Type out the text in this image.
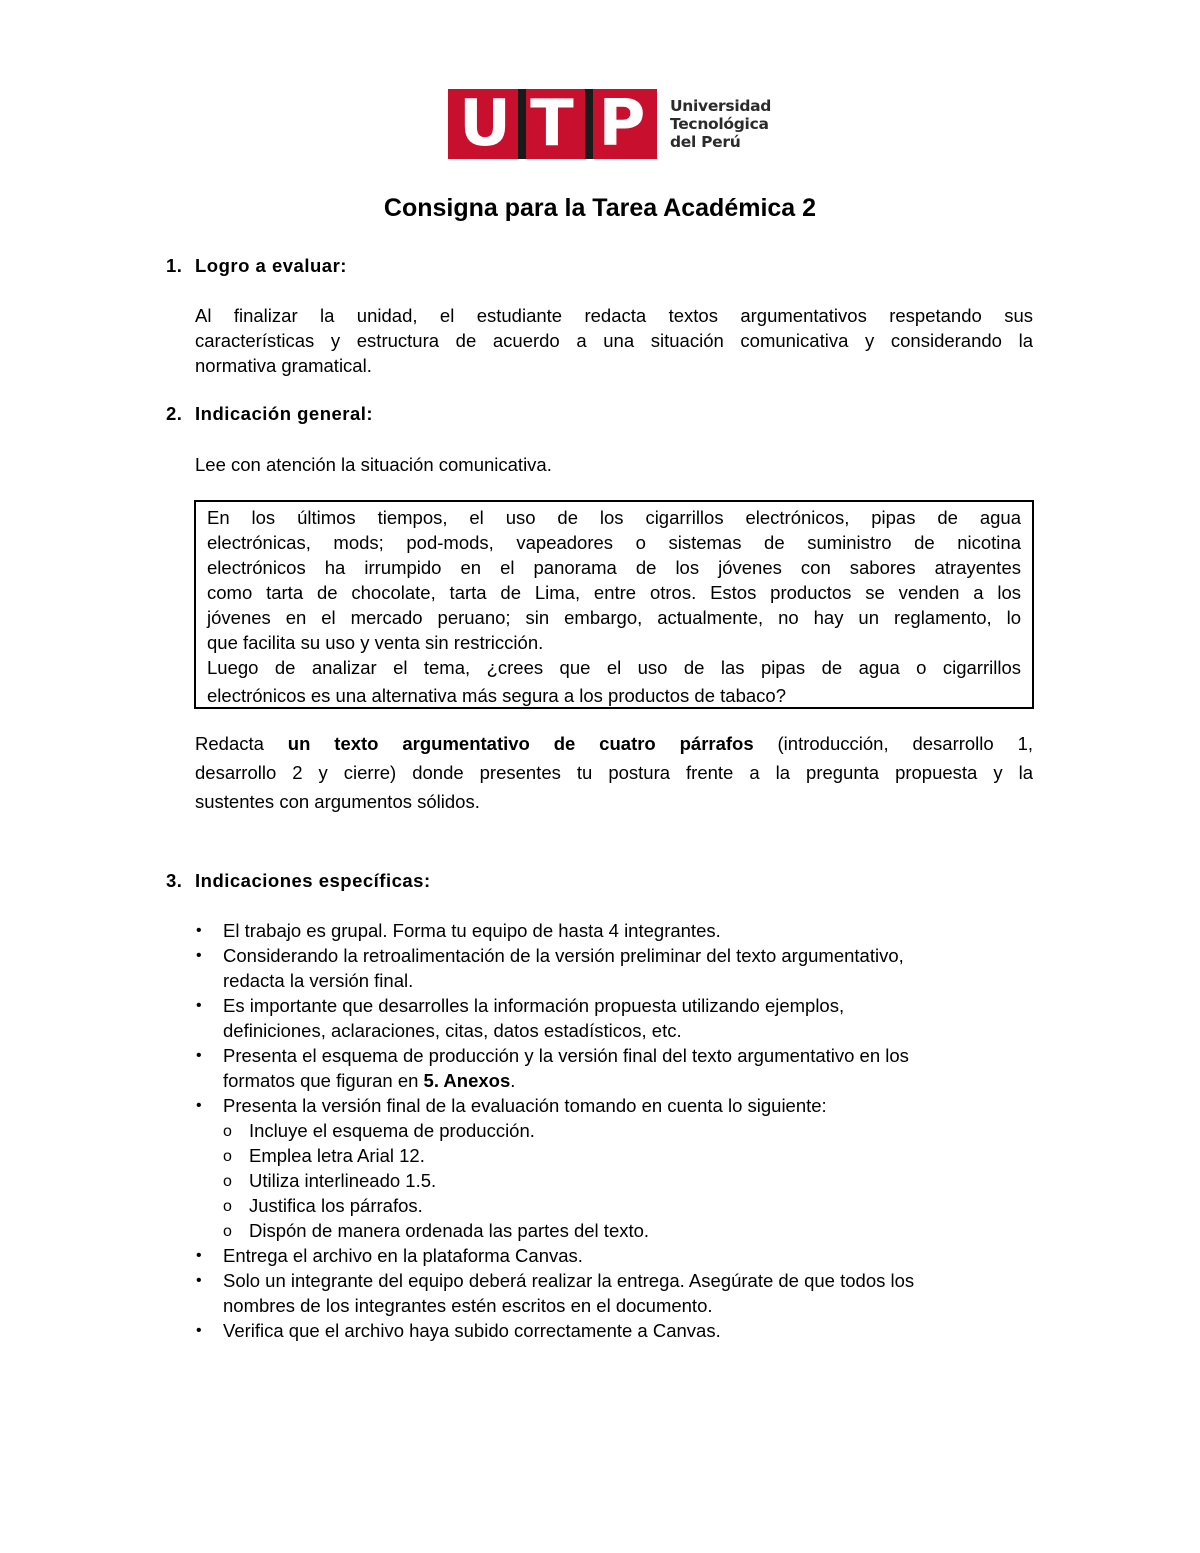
U T P	Universidad
Tecnológica
del Perú
Consigna para la Tarea Académica 2
1. Logro a evaluar:
Al finalizar la unidad, el estudiante redacta textos argumentativos respetando sus
características y estructura de acuerdo a una situación comunicativa y considerando la
normativa gramatical.
2. Indicación general:
Lee con atención la situación comunicativa.
En los últimos tiempos, el uso de los cigarrillos electrónicos, pipas de agua
electrónicas, mods; pod-mods, vapeadores o sistemas de suministro de nicotina
electrónicos ha irrumpido en el panorama de los jóvenes con sabores atrayentes
como tarta de chocolate, tarta de Lima, entre otros. Estos productos se venden a los
jóvenes en el mercado peruano; sin embargo, actualmente, no hay un reglamento, lo
que facilita su uso y venta sin restricción.
Luego de analizar el tema, ¿crees que el uso de las pipas de agua o cigarrillos
electrónicos es una alternativa más segura a los productos de tabaco?
Redacta un texto argumentativo de cuatro párrafos (introducción, desarrollo 1,
desarrollo 2 y cierre) donde presentes tu postura frente a la pregunta propuesta y la
sustentes con argumentos sólidos.
3. Indicaciones específicas:
• El trabajo es grupal. Forma tu equipo de hasta 4 integrantes.
• Considerando la retroalimentación de la versión preliminar del texto argumentativo,
redacta la versión final.
• Es importante que desarrolles la información propuesta utilizando ejemplos,
definiciones, aclaraciones, citas, datos estadísticos, etc.
• Presenta el esquema de producción y la versión final del texto argumentativo en los
formatos que figuran en 5. Anexos.
• Presenta la versión final de la evaluación tomando en cuenta lo siguiente:
o Incluye el esquema de producción.
o Emplea letra Arial 12.
o Utiliza interlineado 1.5.
o Justifica los párrafos.
o Dispón de manera ordenada las partes del texto.
• Entrega el archivo en la plataforma Canvas.
• Solo un integrante del equipo deberá realizar la entrega. Asegúrate de que todos los
nombres de los integrantes estén escritos en el documento.
• Verifica que el archivo haya subido correctamente a Canvas.
